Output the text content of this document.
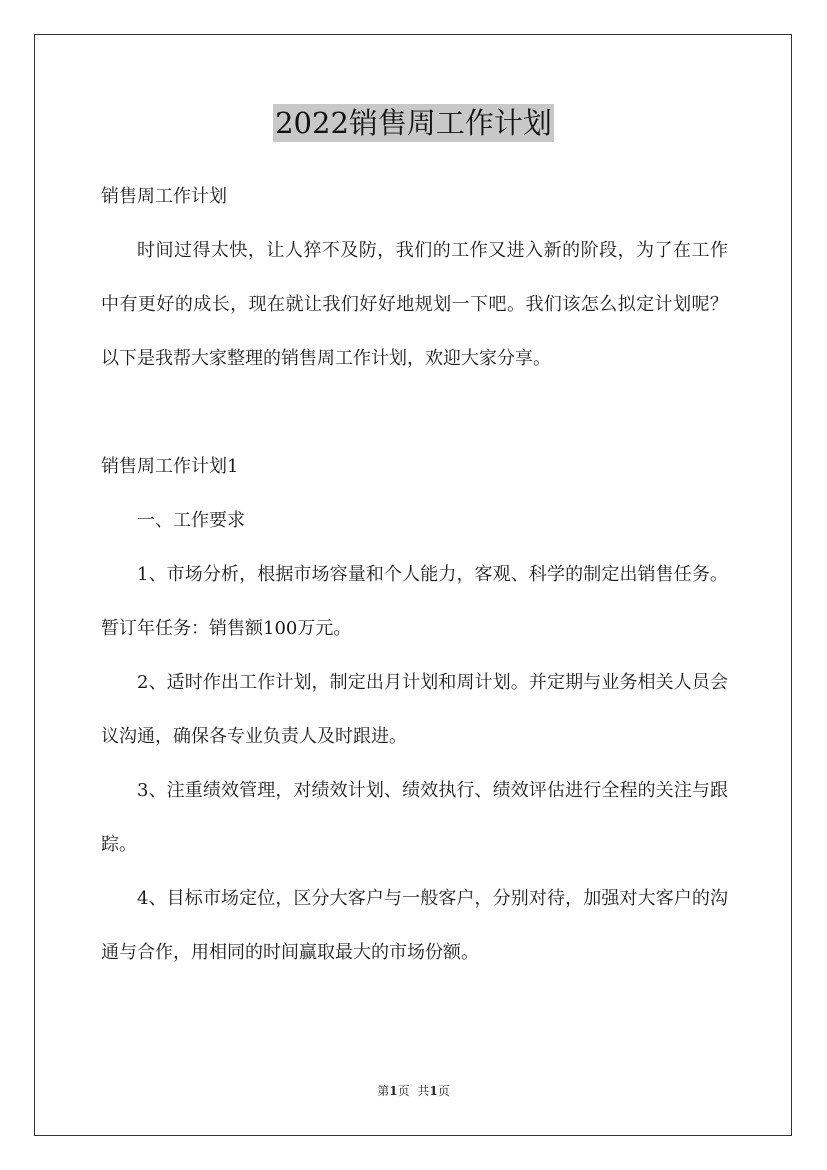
2022销售周工作计划

销售周工作计划

时间过得太快，让人猝不及防，我们的工作又进入新的阶段，为了在工作中有更好的成长，现在就让我们好好地规划一下吧。我们该怎么拟定计划呢？以下是我帮大家整理的销售周工作计划，欢迎大家分享。

销售周工作计划1

一、工作要求

1、市场分析，根据市场容量和个人能力，客观、科学的制定出销售任务。暂订年任务：销售额100万元。

2、适时作出工作计划，制定出月计划和周计划。并定期与业务相关人员会议沟通，确保各专业负责人及时跟进。

3、注重绩效管理，对绩效计划、绩效执行、绩效评估进行全程的关注与跟踪。

4、目标市场定位，区分大客户与一般客户，分别对待，加强对大客户的沟通与合作，用相同的时间赢取最大的市场份额。

第1页 共1页
